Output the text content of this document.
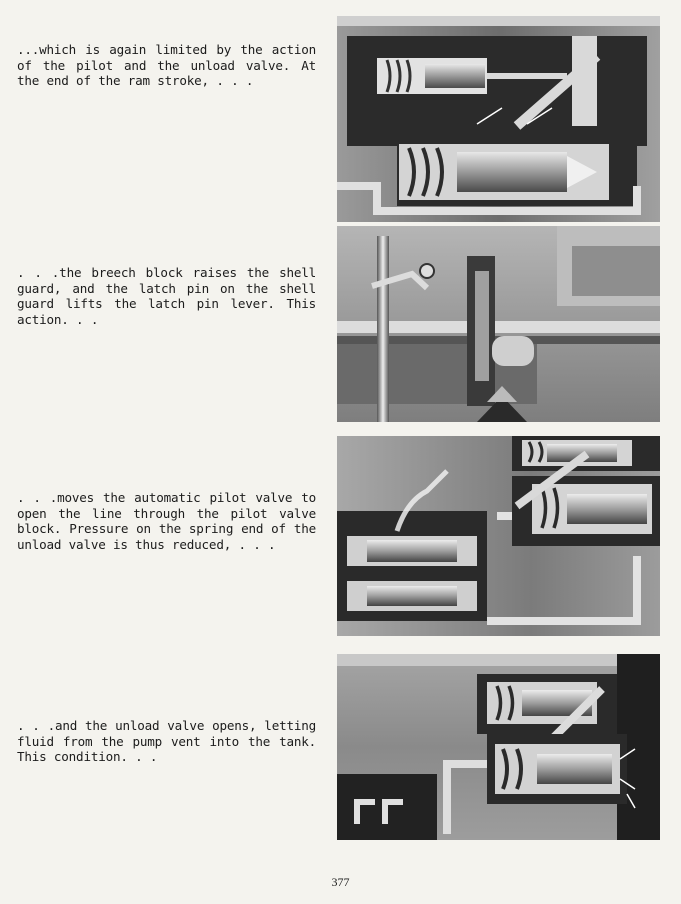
...which is again limited by the action of the pilot and the unload valve. At the end of the ram stroke, . . .
. . .the breech block raises the shell guard, and the latch pin on the shell guard lifts the latch pin lever. This action. . .
. . .moves the automatic pilot valve to open the line through the pilot valve block. Pressure on the spring end of the unload valve is thus reduced, . . .
. . .and the unload valve opens, letting fluid from the pump vent into the tank. This condition. . .
377
